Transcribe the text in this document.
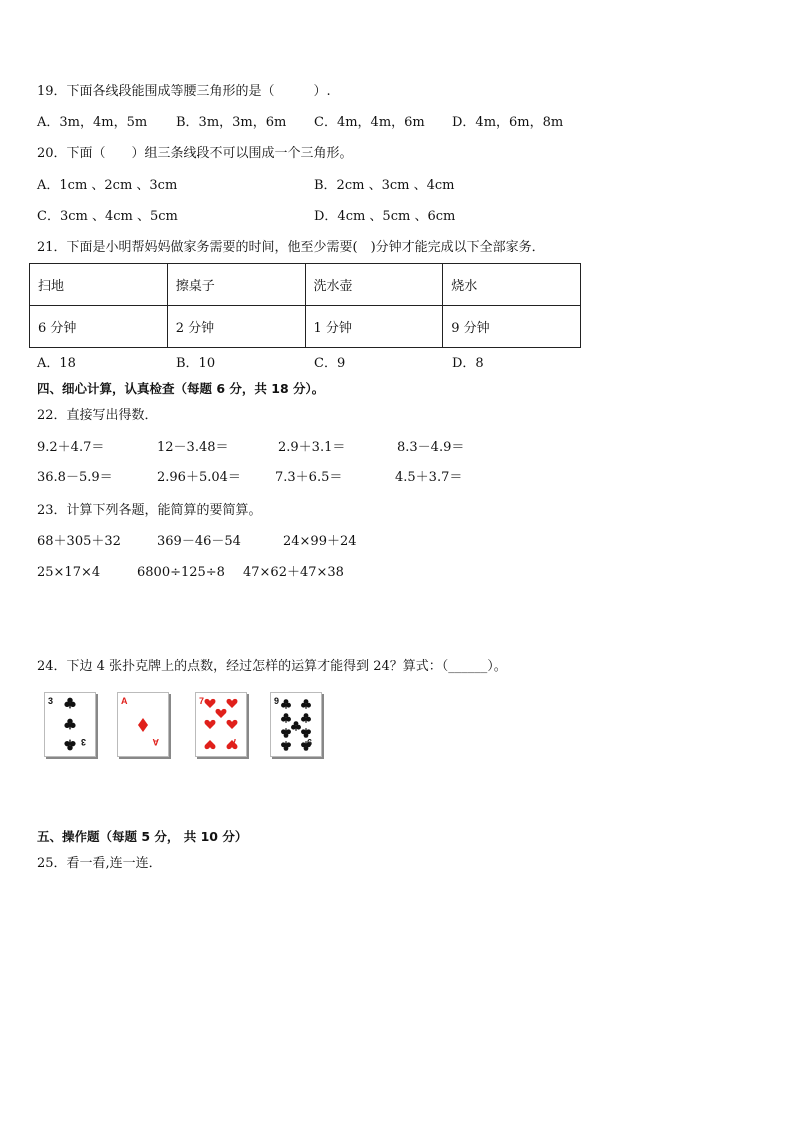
19．下面各线段能围成等腰三角形的是（　　　）.
A．3m，4m，5m B．3m，3m，6m C．4m，4m，6m D．4m，6m，8m
20．下面（　　）组三条线段不可以围成一个三角形。
A．1cm 、2cm 、3cm	B．2cm 、3cm 、4cm
C．3cm 、4cm 、5cm	D．4cm 、5cm 、6cm
21．下面是小明帮妈妈做家务需要的时间，他至少需要(　)分钟才能完成以下全部家务．
扫地	擦桌子	洗水壶	烧水
6 分钟	2 分钟	1 分钟	9 分钟
A．18	B．10	C．9	D．8
四、细心计算，认真检查（每题 6 分，共 18 分）。
22．直接写出得数．
9.2＋4.7＝	12－3.48＝	2.9＋3.1＝	8.3－4.9＝
36.8－5.9＝	2.96＋5.04＝	7.3＋6.5＝	4.5＋3.7＝
23．计算下列各题，能简算的要简算。
68＋305＋32	369－46－54	24×99＋24
25×17×4	6800÷125÷8 47×62＋47×38
24．下边 4 张扑克牌上的点数，经过怎样的运算才能得到 24？算式：（______）。
3
3
A
A
7
7
9
9
五、操作题（每题 5 分， 共 10 分）
25．看一看,连一连．
